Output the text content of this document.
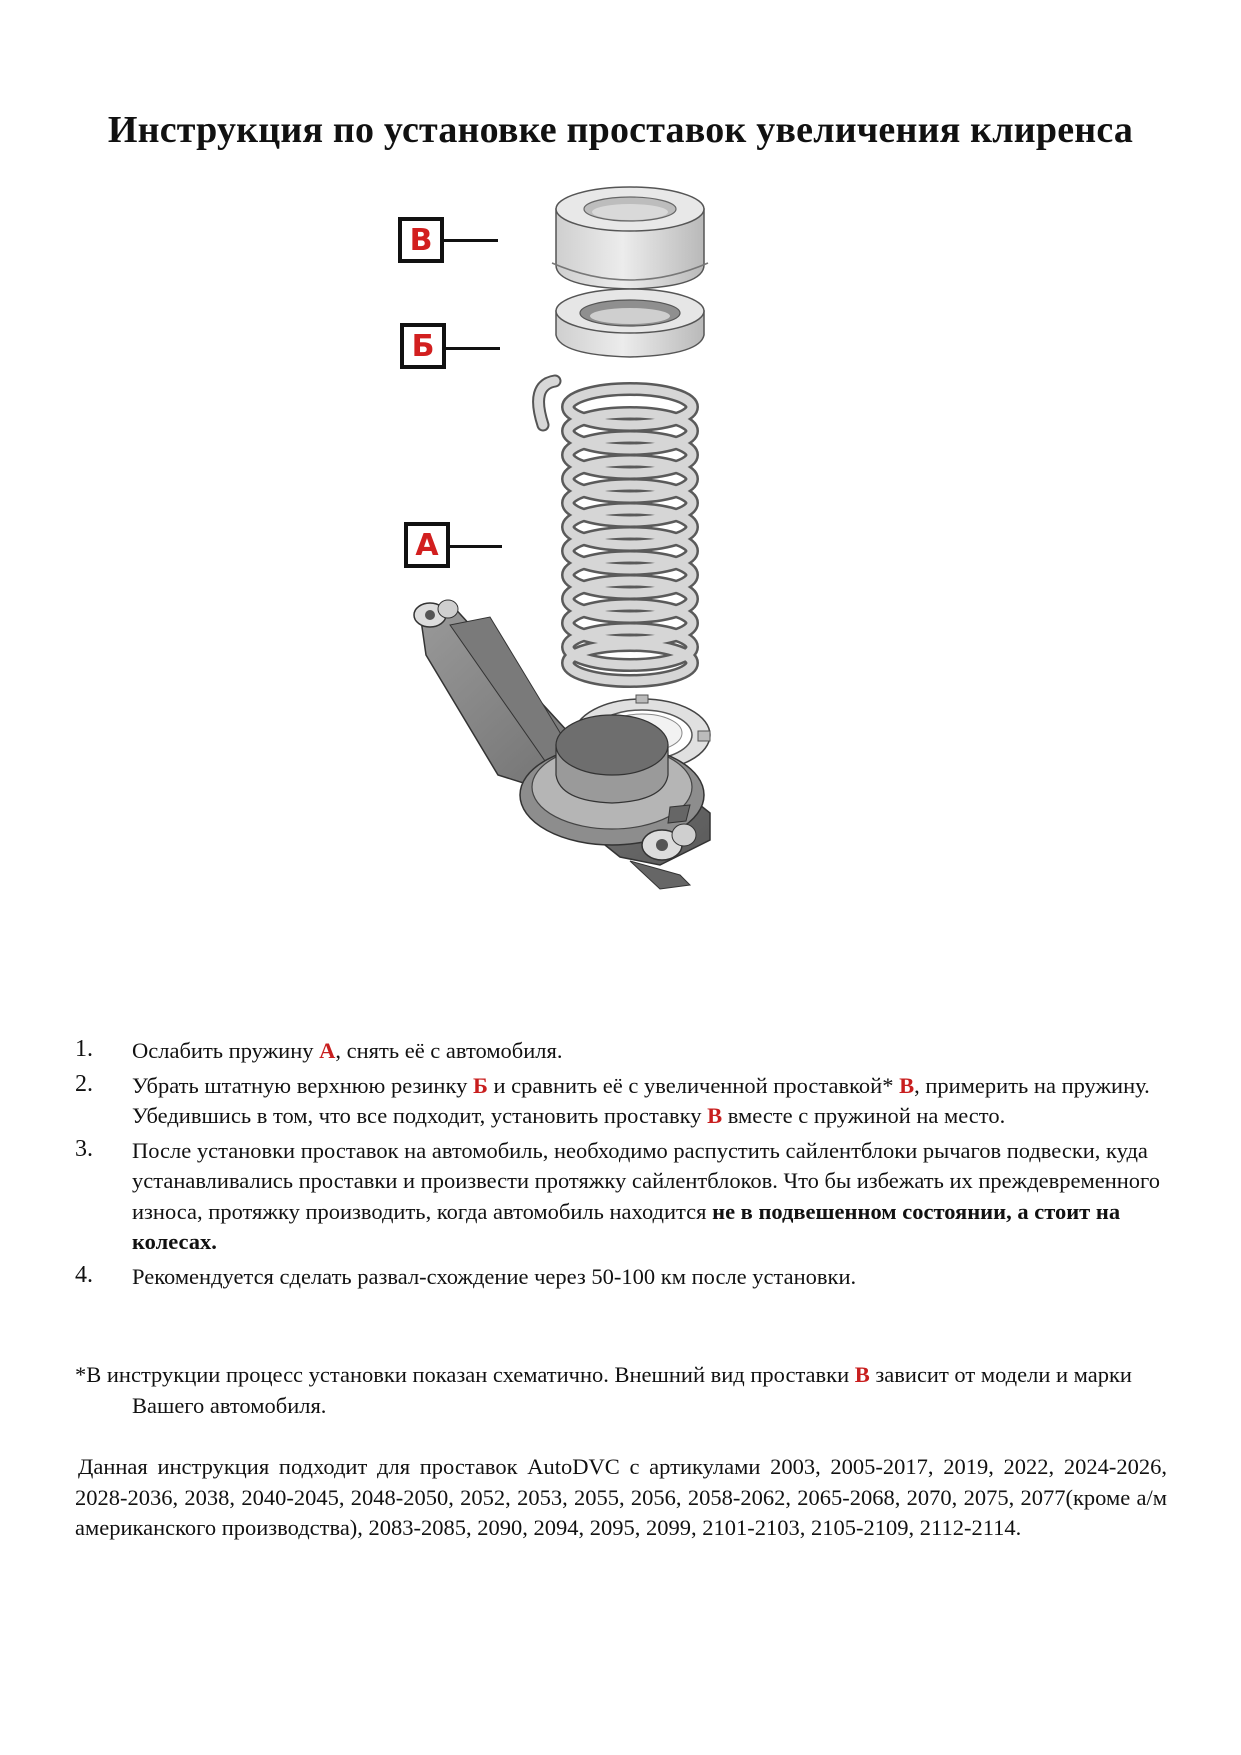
Инструкция по установке проставок увеличения клиренса
В
Б
А
1. Ослабить пружину А, снять её с автомобиля.
2. Убрать штатную верхнюю резинку Б и сравнить её с увеличенной проставкой* В, примерить на пружину. Убедившись в том, что все подходит, установить проставку В вместе с пружиной на место.
3. После установки проставок на автомобиль, необходимо распустить сайлентблоки рычагов подвески, куда устанавливались проставки и произвести протяжку сайлентблоков. Что бы избежать их преждевременного износа, протяжку производить, когда автомобиль находится не в подвешенном состоянии, а стоит на колесах.
4. Рекомендуется сделать развал-схождение через 50-100 км после установки.
*В инструкции процесс установки показан схематично. Внешний вид проставки В зависит от модели и марки Вашего автомобиля.
Данная инструкция подходит для проставок AutoDVC с артикулами 2003, 2005-2017, 2019, 2022, 2024-2026, 2028-2036, 2038, 2040-2045, 2048-2050, 2052, 2053, 2055, 2056, 2058-2062, 2065-2068, 2070, 2075, 2077(кроме а/м американского производства), 2083-2085, 2090, 2094, 2095, 2099, 2101-2103, 2105-2109, 2112-2114.
